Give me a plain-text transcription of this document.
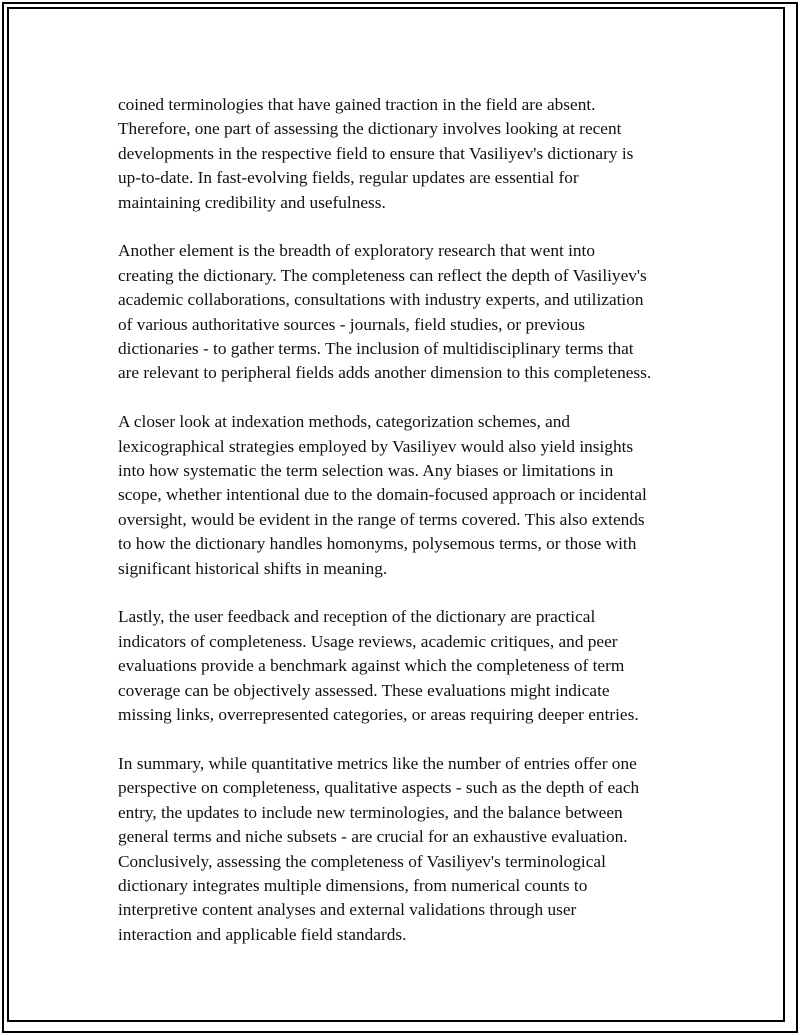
coined terminologies that have gained traction in the field are absent.
Therefore, one part of assessing the dictionary involves looking at recent
developments in the respective field to ensure that Vasiliyev's dictionary is
up-to-date. In fast-evolving fields, regular updates are essential for
maintaining credibility and usefulness.

Another element is the breadth of exploratory research that went into
creating the dictionary. The completeness can reflect the depth of Vasiliyev's
academic collaborations, consultations with industry experts, and utilization
of various authoritative sources - journals, field studies, or previous
dictionaries - to gather terms. The inclusion of multidisciplinary terms that
are relevant to peripheral fields adds another dimension to this completeness.

A closer look at indexation methods, categorization schemes, and
lexicographical strategies employed by Vasiliyev would also yield insights
into how systematic the term selection was. Any biases or limitations in
scope, whether intentional due to the domain-focused approach or incidental
oversight, would be evident in the range of terms covered. This also extends
to how the dictionary handles homonyms, polysemous terms, or those with
significant historical shifts in meaning.

Lastly, the user feedback and reception of the dictionary are practical
indicators of completeness. Usage reviews, academic critiques, and peer
evaluations provide a benchmark against which the completeness of term
coverage can be objectively assessed. These evaluations might indicate
missing links, overrepresented categories, or areas requiring deeper entries.

In summary, while quantitative metrics like the number of entries offer one
perspective on completeness, qualitative aspects - such as the depth of each
entry, the updates to include new terminologies, and the balance between
general terms and niche subsets - are crucial for an exhaustive evaluation.
Conclusively, assessing the completeness of Vasiliyev's terminological
dictionary integrates multiple dimensions, from numerical counts to
interpretive content analyses and external validations through user
interaction and applicable field standards.
